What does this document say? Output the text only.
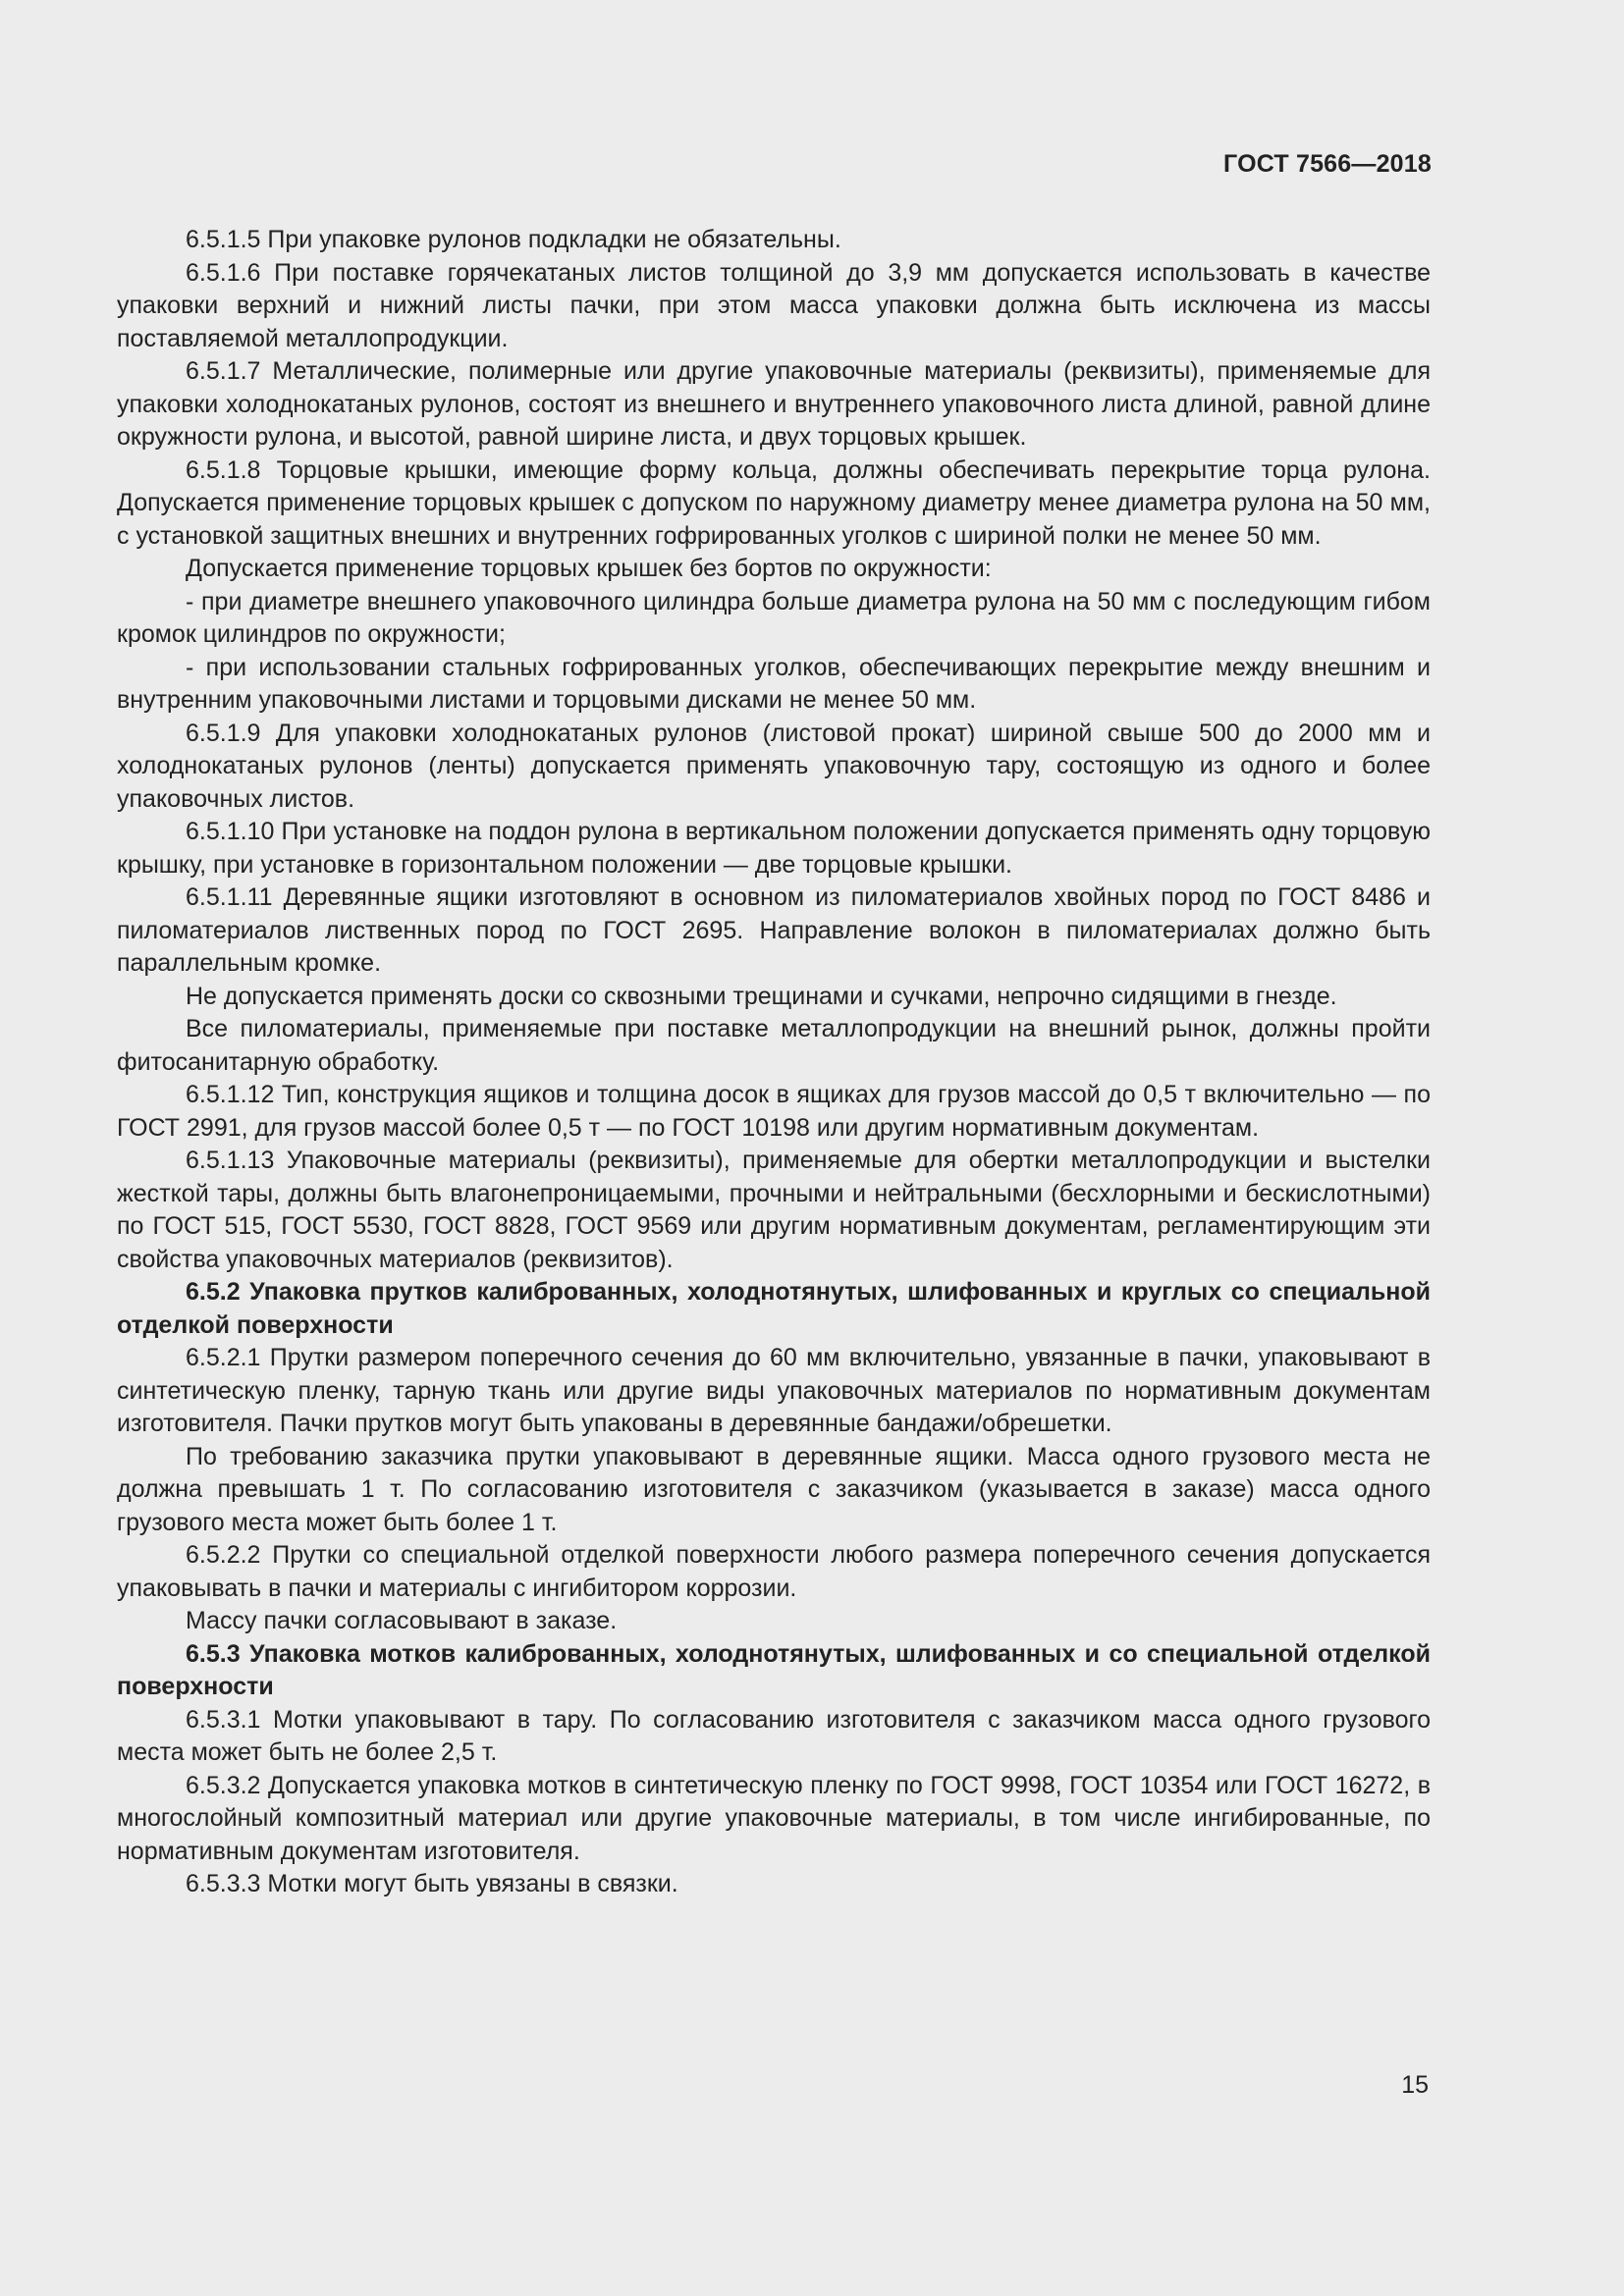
ГОСТ 7566—2018

6.5.1.5 При упаковке рулонов подкладки не обязательны.

6.5.1.6 При поставке горячекатаных листов толщиной до 3,9 мм допускается использовать в качестве упаковки верхний и нижний листы пачки, при этом масса упаковки должна быть исключена из массы поставляемой металлопродукции.

6.5.1.7 Металлические, полимерные или другие упаковочные материалы (реквизиты), применяемые для упаковки холоднокатаных рулонов, состоят из внешнего и внутреннего упаковочного листа длиной, равной длине окружности рулона, и высотой, равной ширине листа, и двух торцовых крышек.

6.5.1.8 Торцовые крышки, имеющие форму кольца, должны обеспечивать перекрытие торца рулона. Допускается применение торцовых крышек с допуском по наружному диаметру менее диаметра рулона на 50 мм, с установкой защитных внешних и внутренних гофрированных уголков с шириной полки не менее 50 мм.

Допускается применение торцовых крышек без бортов по окружности:

- при диаметре внешнего упаковочного цилиндра больше диаметра рулона на 50 мм с последующим гибом кромок цилиндров по окружности;

- при использовании стальных гофрированных уголков, обеспечивающих перекрытие между внешним и внутренним упаковочными листами и торцовыми дисками не менее 50 мм.

6.5.1.9 Для упаковки холоднокатаных рулонов (листовой прокат) шириной свыше 500 до 2000 мм и холоднокатаных рулонов (ленты) допускается применять упаковочную тару, состоящую из одного и более упаковочных листов.

6.5.1.10 При установке на поддон рулона в вертикальном положении допускается применять одну торцовую крышку, при установке в горизонтальном положении — две торцовые крышки.

6.5.1.11 Деревянные ящики изготовляют в основном из пиломатериалов хвойных пород по ГОСТ 8486 и пиломатериалов лиственных пород по ГОСТ 2695. Направление волокон в пиломатериалах должно быть параллельным кромке.

Не допускается применять доски со сквозными трещинами и сучками, непрочно сидящими в гнезде.

Все пиломатериалы, применяемые при поставке металлопродукции на внешний рынок, должны пройти фитосанитарную обработку.

6.5.1.12 Тип, конструкция ящиков и толщина досок в ящиках для грузов массой до 0,5 т включительно — по ГОСТ 2991, для грузов массой более 0,5 т — по ГОСТ 10198 или другим нормативным документам.

6.5.1.13 Упаковочные материалы (реквизиты), применяемые для обертки металлопродукции и выстелки жесткой тары, должны быть влагонепроницаемыми, прочными и нейтральными (бесхлорными и бескислотными) по ГОСТ 515, ГОСТ 5530, ГОСТ 8828, ГОСТ 9569 или другим нормативным документам, регламентирующим эти свойства упаковочных материалов (реквизитов).

6.5.2 Упаковка прутков калиброванных, холоднотянутых, шлифованных и круглых со специальной отделкой поверхности

6.5.2.1 Прутки размером поперечного сечения до 60 мм включительно, увязанные в пачки, упаковывают в синтетическую пленку, тарную ткань или другие виды упаковочных материалов по нормативным документам изготовителя. Пачки прутков могут быть упакованы в деревянные бандажи/обрешетки.

По требованию заказчика прутки упаковывают в деревянные ящики. Масса одного грузового места не должна превышать 1 т. По согласованию изготовителя с заказчиком (указывается в заказе) масса одного грузового места может быть более 1 т.

6.5.2.2 Прутки со специальной отделкой поверхности любого размера поперечного сечения допускается упаковывать в пачки и материалы с ингибитором коррозии.

Массу пачки согласовывают в заказе.

6.5.3 Упаковка мотков калиброванных, холоднотянутых, шлифованных и со специальной отделкой поверхности

6.5.3.1 Мотки упаковывают в тару. По согласованию изготовителя с заказчиком масса одного грузового места может быть не более 2,5 т.

6.5.3.2 Допускается упаковка мотков в синтетическую пленку по ГОСТ 9998, ГОСТ 10354 или ГОСТ 16272, в многослойный композитный материал или другие упаковочные материалы, в том числе ингибированные, по нормативным документам изготовителя.

6.5.3.3 Мотки могут быть увязаны в связки.

15
